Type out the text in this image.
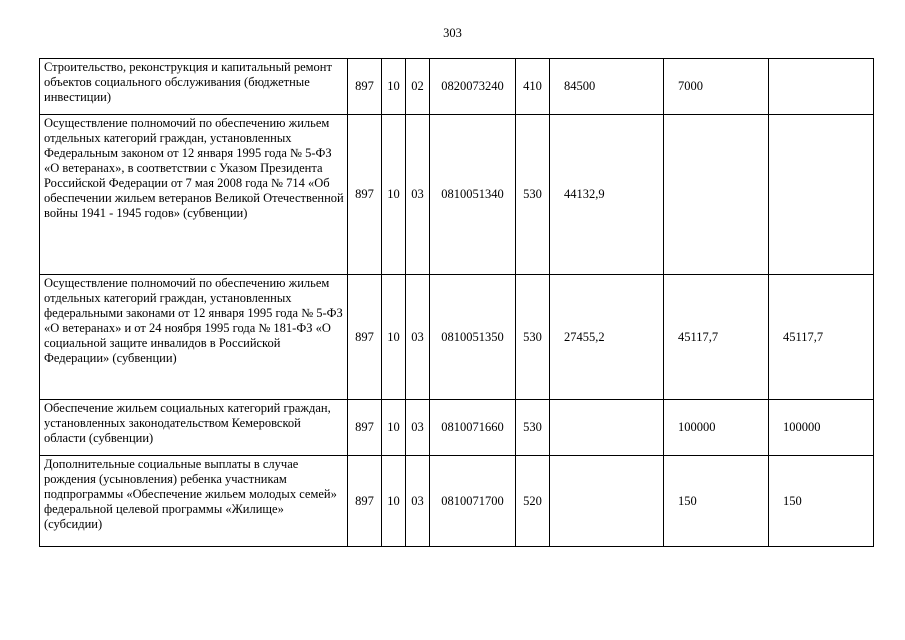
303
Строительство, реконструкция и капитальный ремонт объектов социального обслуживания (бюджетные инвестиции)	897	10	02	0820073240	410	84500	7000	
Осуществление полномочий по обеспечению жильем отдельных категорий граждан, установленных Федеральным законом от 12 января 1995 года № 5-ФЗ «О ветеранах», в соответствии с Указом Президента Российской Федерации от 7 мая 2008 года № 714 «Об обеспечении жильем ветеранов Великой Отечественной войны 1941 - 1945 годов» (субвенции)	897	10	03	0810051340	530	44132,9		
Осуществление полномочий по обеспечению жильем отдельных категорий граждан, установленных федеральными законами от 12 января 1995 года № 5-ФЗ «О ветеранах» и от 24 ноября 1995 года № 181-ФЗ «О социальной защите инвалидов в Российской Федерации» (субвенции)	897	10	03	0810051350	530	27455,2	45117,7	45117,7
Обеспечение жильем социальных категорий граждан, установленных законодательством Кемеровской области (субвенции)	897	10	03	0810071660	530		100000	100000
Дополнительные социальные выплаты в случае рождения (усыновления) ребенка участникам подпрограммы «Обеспечение жильем молодых семей» федеральной целевой программы «Жилище» (субсидии)	897	10	03	0810071700	520		150	150
